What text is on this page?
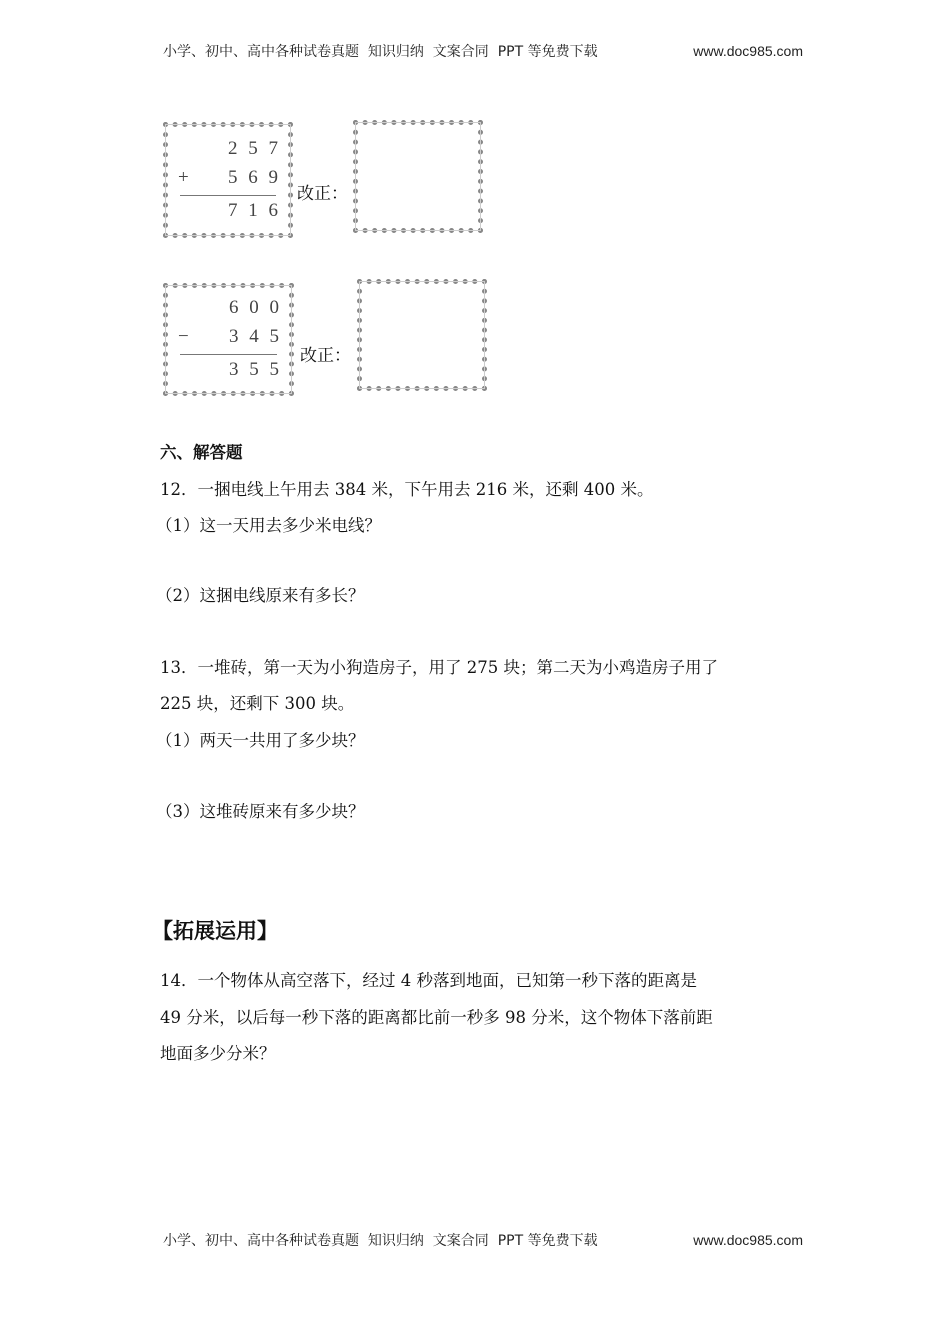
小学、初中、高中各种试卷真题  知识归纳  文案合同  PPT 等免费下载	www.doc985.com
2 5 7
+ 5 6 9
7 1 6
改正：
6 0 0
− 3 4 5
3 5 5
改正：
六、解答题
12．一捆电线上午用去 384 米，下午用去 216 米，还剩 400 米。
（1）这一天用去多少米电线？
（2）这捆电线原来有多长？
13．一堆砖，第一天为小狗造房子，用了 275 块；第二天为小鸡造房子用了
225 块，还剩下 300 块。
（1）两天一共用了多少块？
（3）这堆砖原来有多少块？
【拓展运用】
14．一个物体从高空落下，经过 4 秒落到地面，已知第一秒下落的距离是
49 分米，以后每一秒下落的距离都比前一秒多 98 分米，这个物体下落前距
地面多少分米？
小学、初中、高中各种试卷真题  知识归纳  文案合同  PPT 等免费下载	www.doc985.com
